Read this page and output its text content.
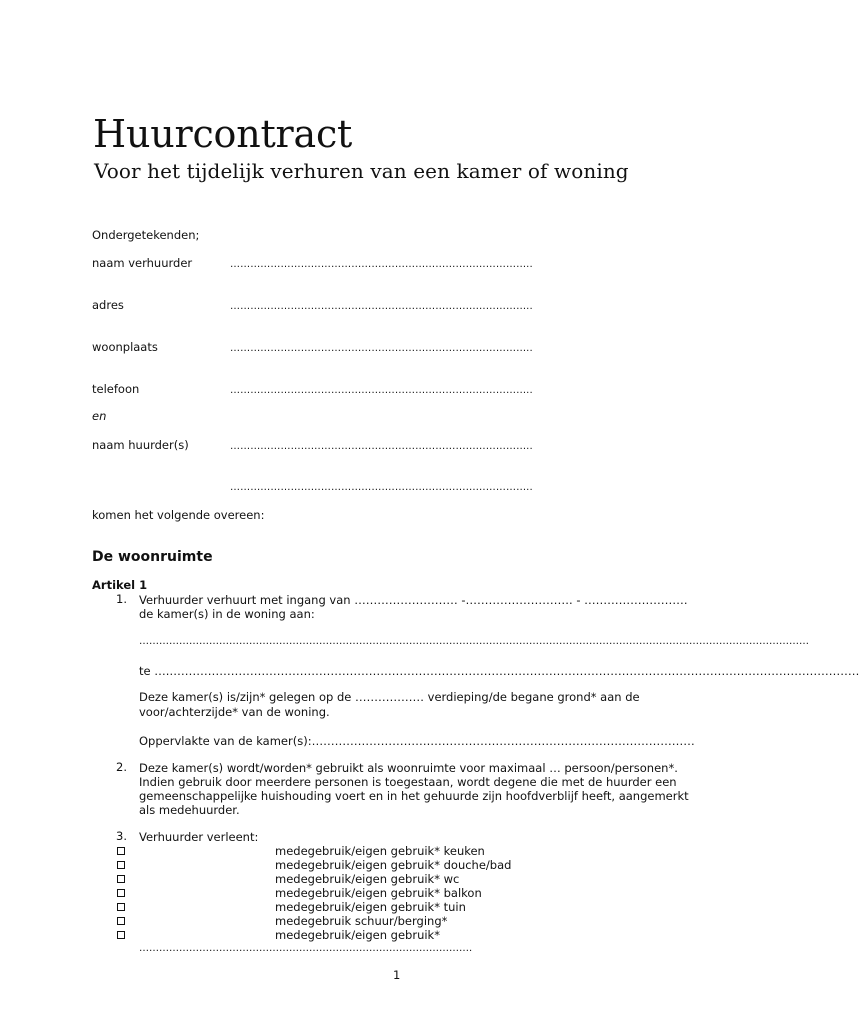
Huurcontract
Voor het tijdelijk verhuren van een kamer of woning
Ondergetekenden;
naam verhuurder	……………………………………….……………………………………..
adres	……………………………………….……………………………………..
woonplaats	……………………………………….……………………………………..
telefoon	……………………………………….……………………………………..
en
naam huurder(s)	……………………………………….……………………………………..
……………………………………….……………………………………..
komen het volgende overeen:
De woonruimte
Artikel 1
1. Verhuurder verhuurt met ingang van ……………………… -………………………. - ………………………
de kamer(s) in de woning aan:
…………………………………………………………………………………………………………………………………………………………………………………
te ….………………………………………………………………………………………………………………………………………………………………
Deze kamer(s) is/zijn* gelegen op de ……………… verdieping/de begane grond* aan de
voor/achterzijde* van de woning.
Oppervlakte van de kamer(s):………………………….……………………………………………………………
2. Deze kamer(s) wordt/worden* gebruikt als woonruimte voor maximaal … persoon/personen*.
Indien gebruik door meerdere personen is toegestaan, wordt degene die met de huurder een
gemeenschappelijke huishouding voert en in het gehuurde zijn hoofdverblijf heeft, aangemerkt
als medehuurder.
3. Verhuurder verleent:
medegebruik/eigen gebruik* keuken
medegebruik/eigen gebruik* douche/bad
medegebruik/eigen gebruik* wc
medegebruik/eigen gebruik* balkon
medegebruik/eigen gebruik* tuin
medegebruik schuur/berging*
medegebruik/eigen gebruik*
……………………………………………………………………………………….
1
